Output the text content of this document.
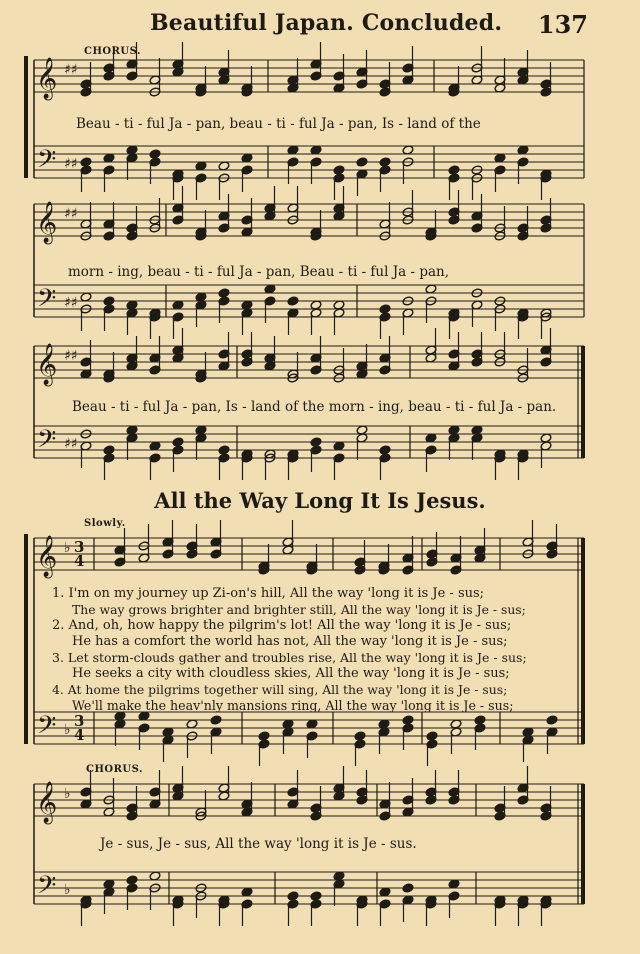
Beautiful Japan. Concluded. 137
𝄞
𝄢
♯♯
♯♯
𝄞
𝄢
♯♯
♯♯
𝄞
𝄢
♯♯
♯♯
𝄞
𝄢
♭
♭
3
3
4
4
𝄞
𝄢
♭
♭
CHORUS.
Beau - ti - ful Ja - pan, beau - ti - ful Ja - pan, Is - land of the
morn - ing, beau - ti - ful Ja - pan, Beau - ti - ful Ja - pan,
Beau - ti - ful Ja - pan, Is - land of the morn - ing, beau - ti - ful Ja - pan.
All the Way Long It Is Jesus.
Slowly.
1. I'm on my journey up Zi-on's hill, All the way 'long it is Je - sus;
The way grows brighter and brighter still, All the way 'long it is Je - sus;
2. And, oh, how happy the pilgrim's lot! All the way 'long it is Je - sus;
He has a comfort the world has not, All the way 'long it is Je - sus;
3. Let storm-clouds gather and troubles rise, All the way 'long it is Je - sus;
He seeks a city with cloudless skies, All the way 'long it is Je - sus;
4. At home the pilgrims together will sing, All the way 'long it is Je - sus;
We'll make the heav'nly mansions ring, All the way 'long it is Je - sus;
CHORUS.
Je - sus, Je - sus, All the way 'long it is Je - sus.
